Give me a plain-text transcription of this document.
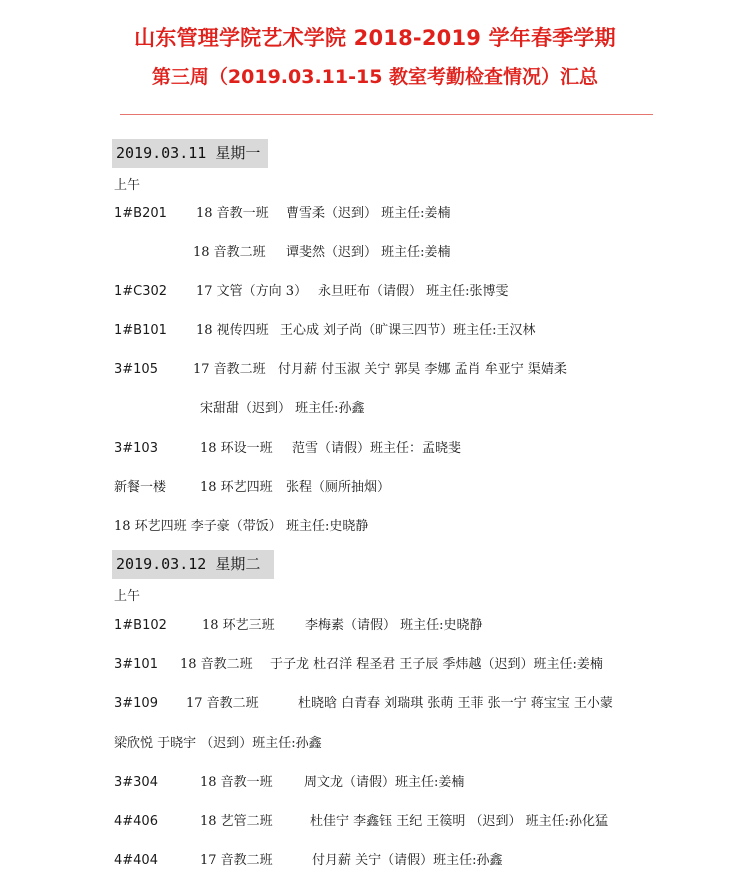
山东管理学院艺术学院 2018-2019 学年春季学期
第三周（2019.03.11-15 教室考勤检查情况）汇总
2019.03.11 星期一
上午
1#B201 18 音教一班 曹雪柔（迟到） 班主任:姜楠
18 音教二班 谭斐然（迟到） 班主任:姜楠
1#C302 17 文管（方向 3） 永旦旺布（请假） 班主任:张博雯
1#B101 18 视传四班 王心成 刘子尚（旷课三四节）班主任:王汉林
3#105	17 音教二班 付月薪 付玉淑 关宁 郭昊 李娜 孟肖 牟亚宁 渠婧柔
宋甜甜（迟到） 班主任:孙鑫
3#103	18 环设一班 范雪（请假）班主任：孟晓斐
新餐一楼	18 环艺四班 张程（厕所抽烟）
18 环艺四班 李子豪（带饭） 班主任:史晓静
2019.03.12 星期二
上午
1#B102	18 环艺三班 李梅素（请假） 班主任:史晓静
3#101 18 音教二班 于子龙 杜召洋 程圣君 王子辰 季炜越（迟到）班主任:姜楠
3#109 17 音教二班	杜晓晗 白青春 刘瑞琪 张萌 王菲 张一宁 蒋宝宝 王小蒙
梁欣悦 于晓宇 （迟到）班主任:孙鑫
3#304	18 音教一班 周文龙（请假）班主任:姜楠
4#406	18 艺管二班	杜佳宁 李鑫钰 王纪 王篌明 （迟到） 班主任:孙化猛
4#404	17 音教二班	付月薪 关宁（请假）班主任:孙鑫
